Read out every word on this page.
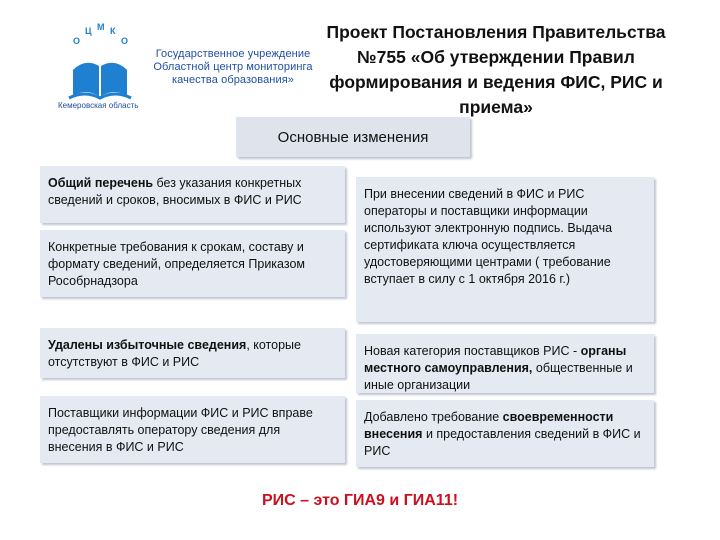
О
Ц М К
О
Государственное учреждение
Областной центр мониторинга
качества образования»
Кемеровская область
Проект Постановления Правительства №755 «Об утверждении Правил формирования и ведения ФИС, РИС и приема»
Основные изменения
Общий перечень без указания конкретных сведений и сроков, вносимых в ФИС и РИС
Конкретные требования к срокам, составу и формату сведений, определяется Приказом Рособрнадзора
Удалены избыточные сведения, которые отсутствуют в ФИС и РИС
Поставщики информации ФИС и РИС вправе предоставлять оператору сведения для внесения в ФИС и РИС
При внесении сведений в ФИС и РИС операторы и поставщики информации используют электронную подпись. Выдача сертификата ключа осуществляется удостоверяющими центрами ( требование вступает в силу с 1 октября 2016 г.)
Новая категория поставщиков РИС - органы местного самоуправления, общественные и иные организации
Добавлено требование своевременности внесения и предоставления сведений в ФИС и РИС
РИС – это ГИА9 и ГИА11!
